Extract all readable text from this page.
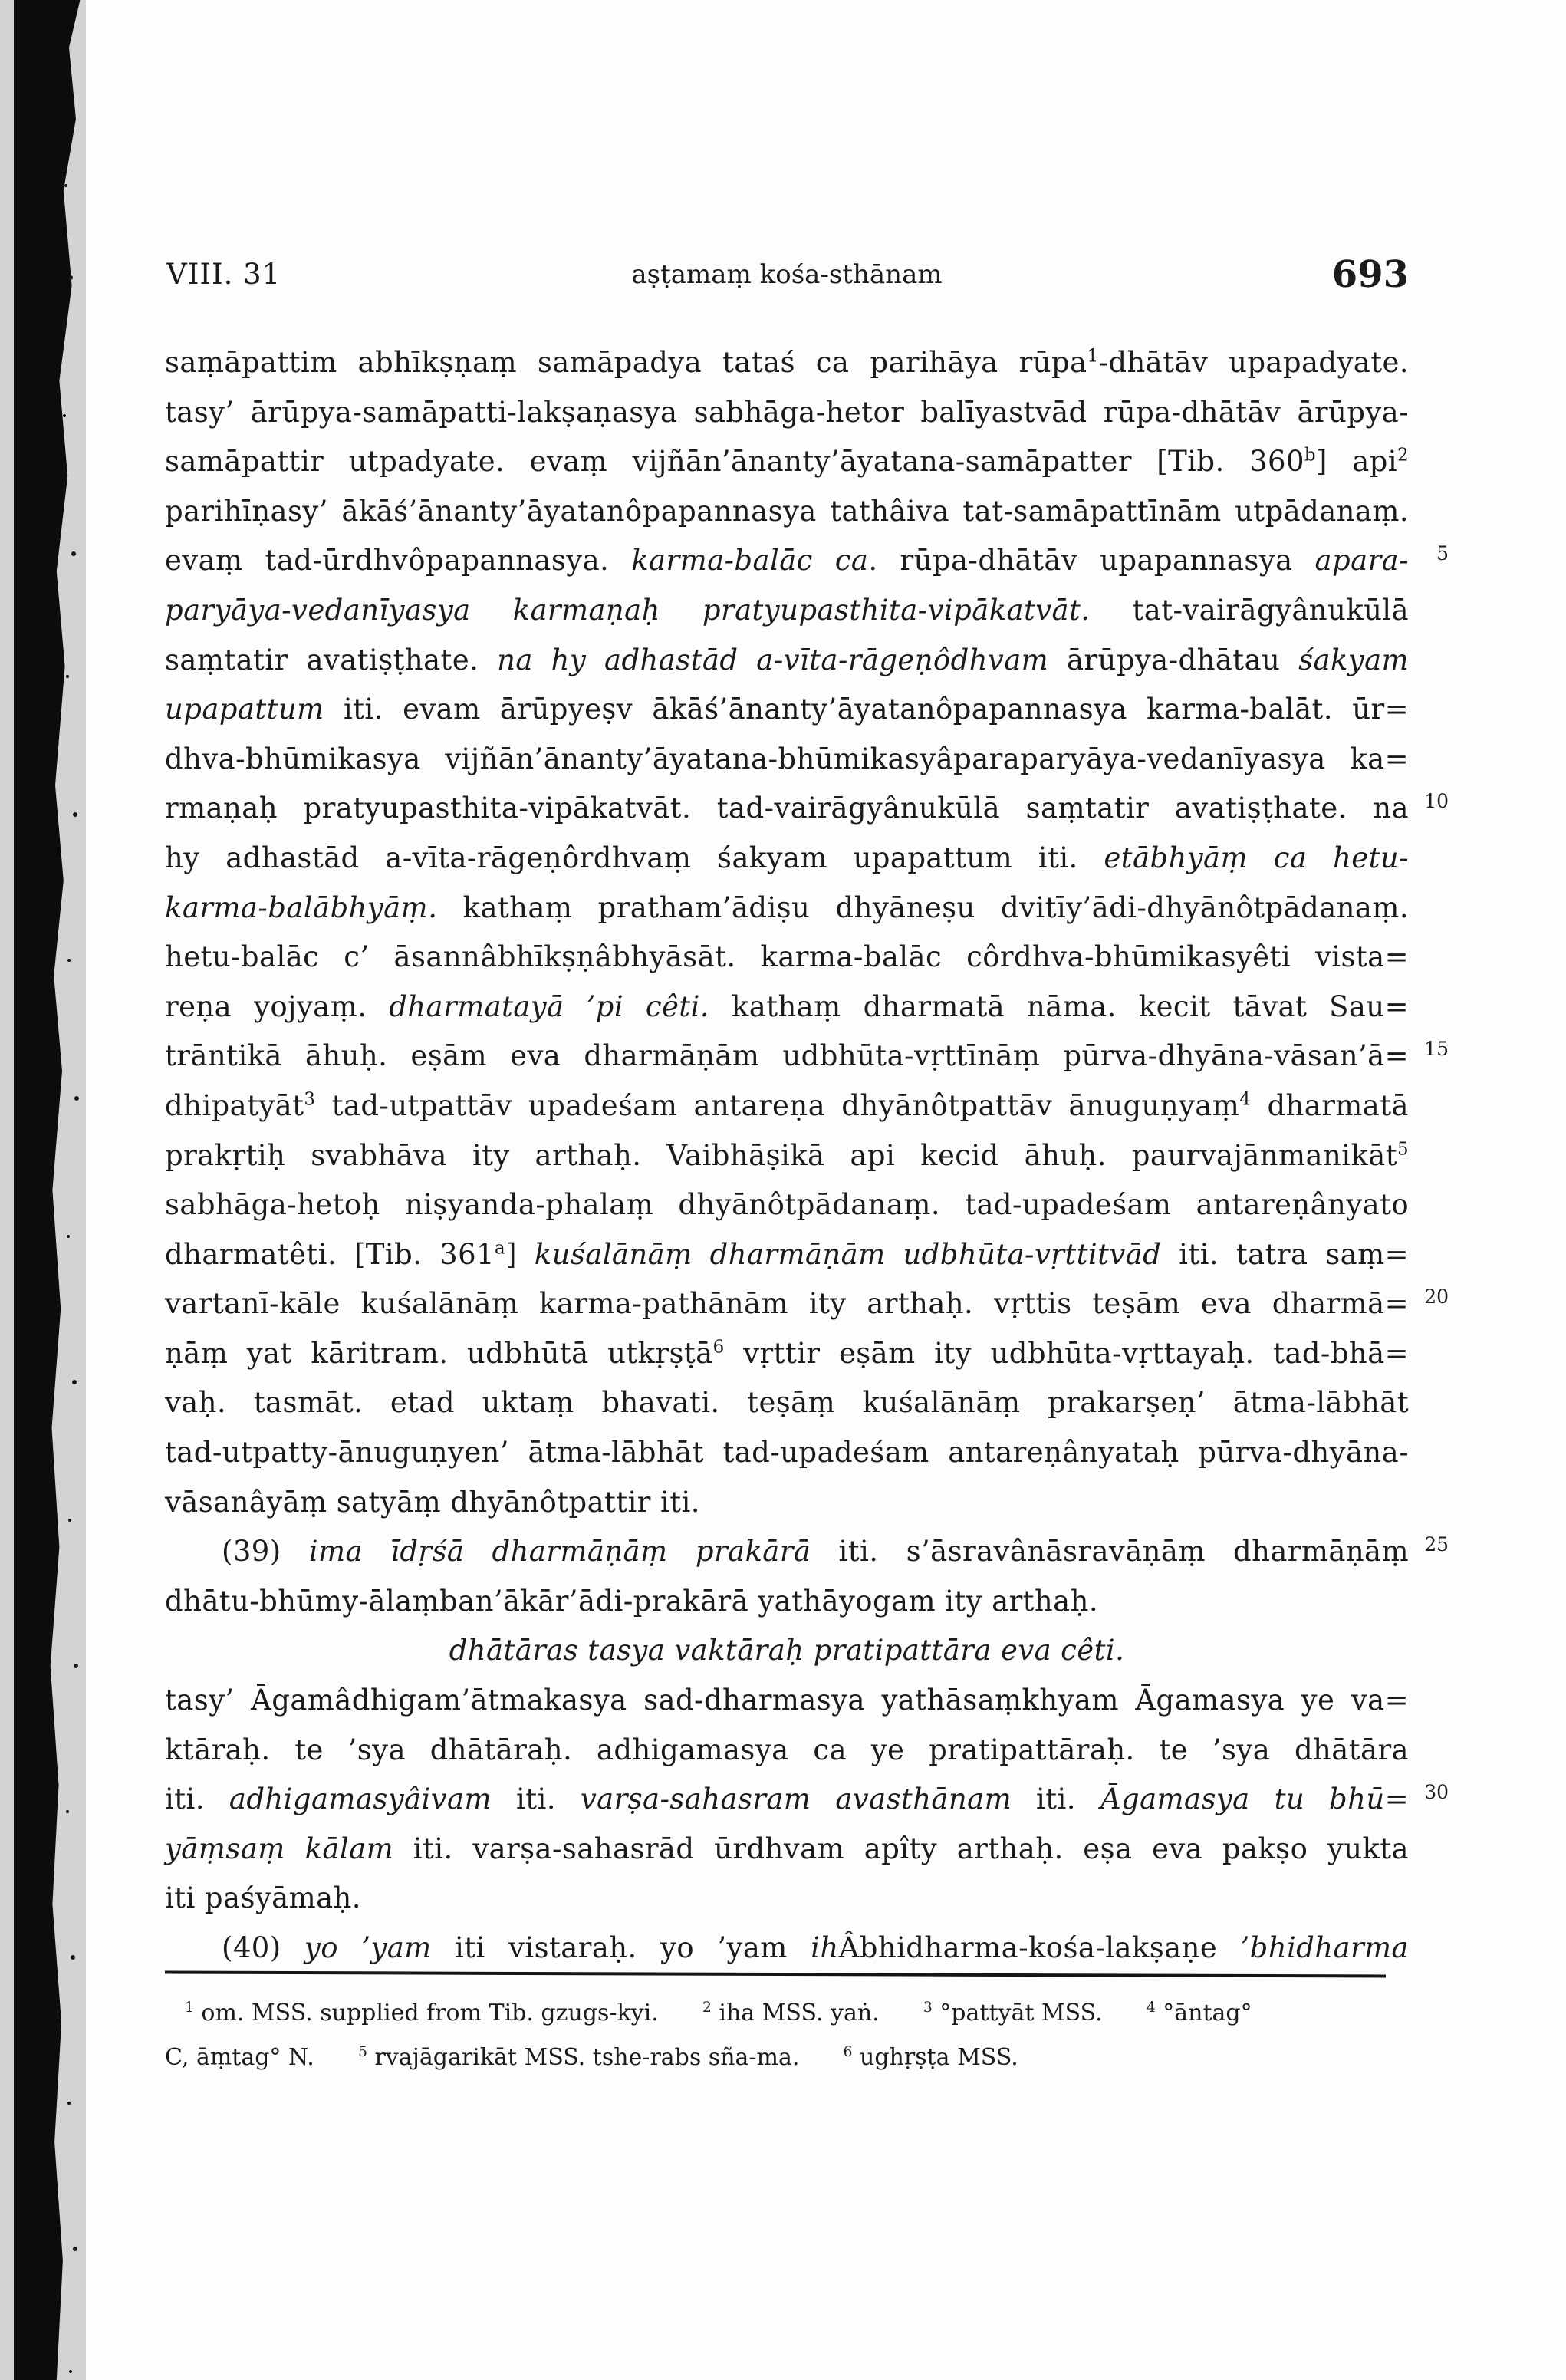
VIII. 31	aṣṭamaṃ kośa-sthānam	693
saṃāpattim abhīkṣṇaṃ samāpadya tataś ca parihāya rūpa$^1$-dhātāv upapadyate.
tasy’ ārūpya-samāpatti-lakṣaṇasya sabhāga-hetor balīyastvād rūpa-dhātāv ārūpya-
samāpattir utpadyate. evaṃ vijñān’ānanty’āyatana-samāpatter [Tib. 360$^b$] api$^2$
parihīṇasy’ ākāś’ānanty’āyatanôpapannasya tathâiva tat-samāpattīnām utpādanaṃ.
evaṃ tad-ūrdhvôpapannasya. karma-balāc ca. rūpa-dhātāv upapannasya apara- 5
paryāya-vedanīyasya karmaṇaḥ pratyupasthita-vipākatvāt. tat-vairāgyânukūlā
saṃtatir avatiṣṭhate. na hy adhastād a-vīta-rāgeṇôdhvam ārūpya-dhātau śakyam
upapattum iti. evam ārūpyeṣv ākāś’ānanty’āyatanôpapannasya karma-balāt. ūr=
dhva-bhūmikasya vijñān’ānanty’āyatana-bhūmikasyâparaparyāya-vedanīyasya ka=
rmaṇaḥ pratyupasthita-vipākatvāt. tad-vairāgyânukūlā saṃtatir avatiṣṭhate. na 10
hy adhastād a-vīta-rāgeṇôrdhvaṃ śakyam upapattum iti. etābhyāṃ ca hetu-
karma-balābhyāṃ. kathaṃ pratham’ādiṣu dhyāneṣu dvitīy’ādi-dhyānôtpādanaṃ.
hetu-balāc c’ āsannâbhīkṣṇâbhyāsāt. karma-balāc côrdhva-bhūmikasyêti vista=
reṇa yojyaṃ. dharmatayā ’pi cêti. kathaṃ dharmatā nāma. kecit tāvat Sau=
trāntikā āhuḥ. eṣām eva dharmāṇām udbhūta-vṛttīnāṃ pūrva-dhyāna-vāsan’ā= 15
dhipatyāt$^3$ tad-utpattāv upadeśam antareṇa dhyānôtpattāv ānuguṇyaṃ$^4$ dharmatā
prakṛtiḥ svabhāva ity arthaḥ. Vaibhāṣikā api kecid āhuḥ. paurvajānmanikāt$^5$
sabhāga-hetoḥ niṣyanda-phalaṃ dhyānôtpādanaṃ. tad-upadeśam antareṇânyato
dharmatêti. [Tib. 361$^a$] kuśalānāṃ dharmāṇām udbhūta-vṛttitvād iti. tatra saṃ=
vartanī-kāle kuśalānāṃ karma-pathānām ity arthaḥ. vṛttis teṣām eva dharmā= 20
ṇāṃ yat kāritram. udbhūtā utkṛṣṭā$^6$ vṛttir eṣām ity udbhūta-vṛttayaḥ. tad-bhā=
vaḥ. tasmāt. etad uktaṃ bhavati. teṣāṃ kuśalānāṃ prakarṣeṇ’ ātma-lābhāt
tad-utpatty-ānuguṇyen’ ātma-lābhāt tad-upadeśam antareṇânyataḥ pūrva-dhyāna-
vāsanâyāṃ satyāṃ dhyānôtpattir iti.
(39) ima īdṛśā dharmāṇāṃ prakārā iti. s’āsravânāsravāṇāṃ dharmāṇāṃ 25
dhātu-bhūmy-ālaṃban’ākār’ādi-prakārā yathāyogam ity arthaḥ.
dhātāras tasya vaktāraḥ pratipattāra eva cêti.
tasy’ Āgamâdhigam’ātmakasya sad-dharmasya yathāsaṃkhyam Āgamasya ye va=
ktāraḥ. te ’sya dhātāraḥ. adhigamasya ca ye pratipattāraḥ. te ’sya dhātāra
iti. adhigamasyâivam iti. varṣa-sahasram avasthānam iti. Āgamasya tu bhū= 30
yāṃsaṃ kālam iti. varṣa-sahasrād ūrdhvam apîty arthaḥ. eṣa eva pakṣo yukta
iti paśyāmaḥ.
(40) yo ’yam iti vistaraḥ. yo ’yam ihÂbhidharma-kośa-lakṣaṇe ’bhidharma
$^1$ om. MSS. supplied from Tib. gzugs-kyi.      $^2$ iha MSS. yaṅ.      $^3$ °pattyāt MSS.      $^4$ °āntag°
C, āṃtag° N.      $^5$ rvajāgarikāt MSS. tshe-rabs sña-ma.      $^6$ ughṛṣṭa MSS.
